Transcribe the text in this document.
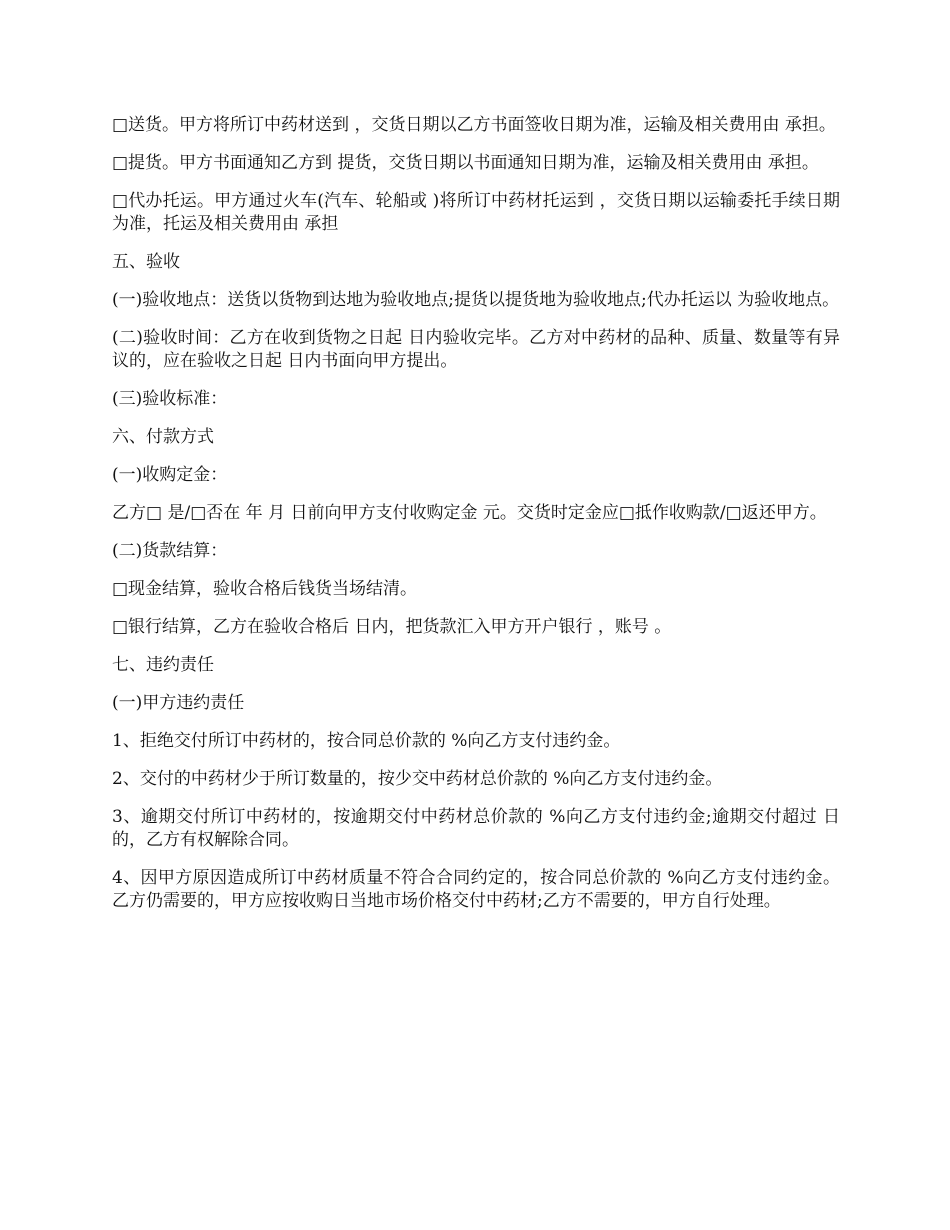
□送货。甲方将所订中药材送到 ，交货日期以乙方书面签收日期为准，运输及相关费用由 承担。

□提货。甲方书面通知乙方到 提货，交货日期以书面通知日期为准，运输及相关费用由 承担。

□代办托运。甲方通过火车(汽车、轮船或 )将所订中药材托运到 ，交货日期以运输委托手续日期为准，托运及相关费用由 承担

五、验收

(一)验收地点：送货以货物到达地为验收地点;提货以提货地为验收地点;代办托运以 为验收地点。

(二)验收时间：乙方在收到货物之日起 日内验收完毕。乙方对中药材的品种、质量、数量等有异议的，应在验收之日起 日内书面向甲方提出。

(三)验收标准：

六、付款方式

(一)收购定金：

乙方□ 是/□否在 年 月 日前向甲方支付收购定金 元。交货时定金应□抵作收购款/□返还甲方。

(二)货款结算：

□现金结算，验收合格后钱货当场结清。

□银行结算，乙方在验收合格后 日内，把货款汇入甲方开户银行 ，账号 。

七、违约责任

(一)甲方违约责任

1、拒绝交付所订中药材的，按合同总价款的 %向乙方支付违约金。

2、交付的中药材少于所订数量的，按少交中药材总价款的 %向乙方支付违约金。

3、逾期交付所订中药材的，按逾期交付中药材总价款的 %向乙方支付违约金;逾期交付超过 日的，乙方有权解除合同。

4、因甲方原因造成所订中药材质量不符合合同约定的，按合同总价款的 %向乙方支付违约金。乙方仍需要的，甲方应按收购日当地市场价格交付中药材;乙方不需要的，甲方自行处理。
